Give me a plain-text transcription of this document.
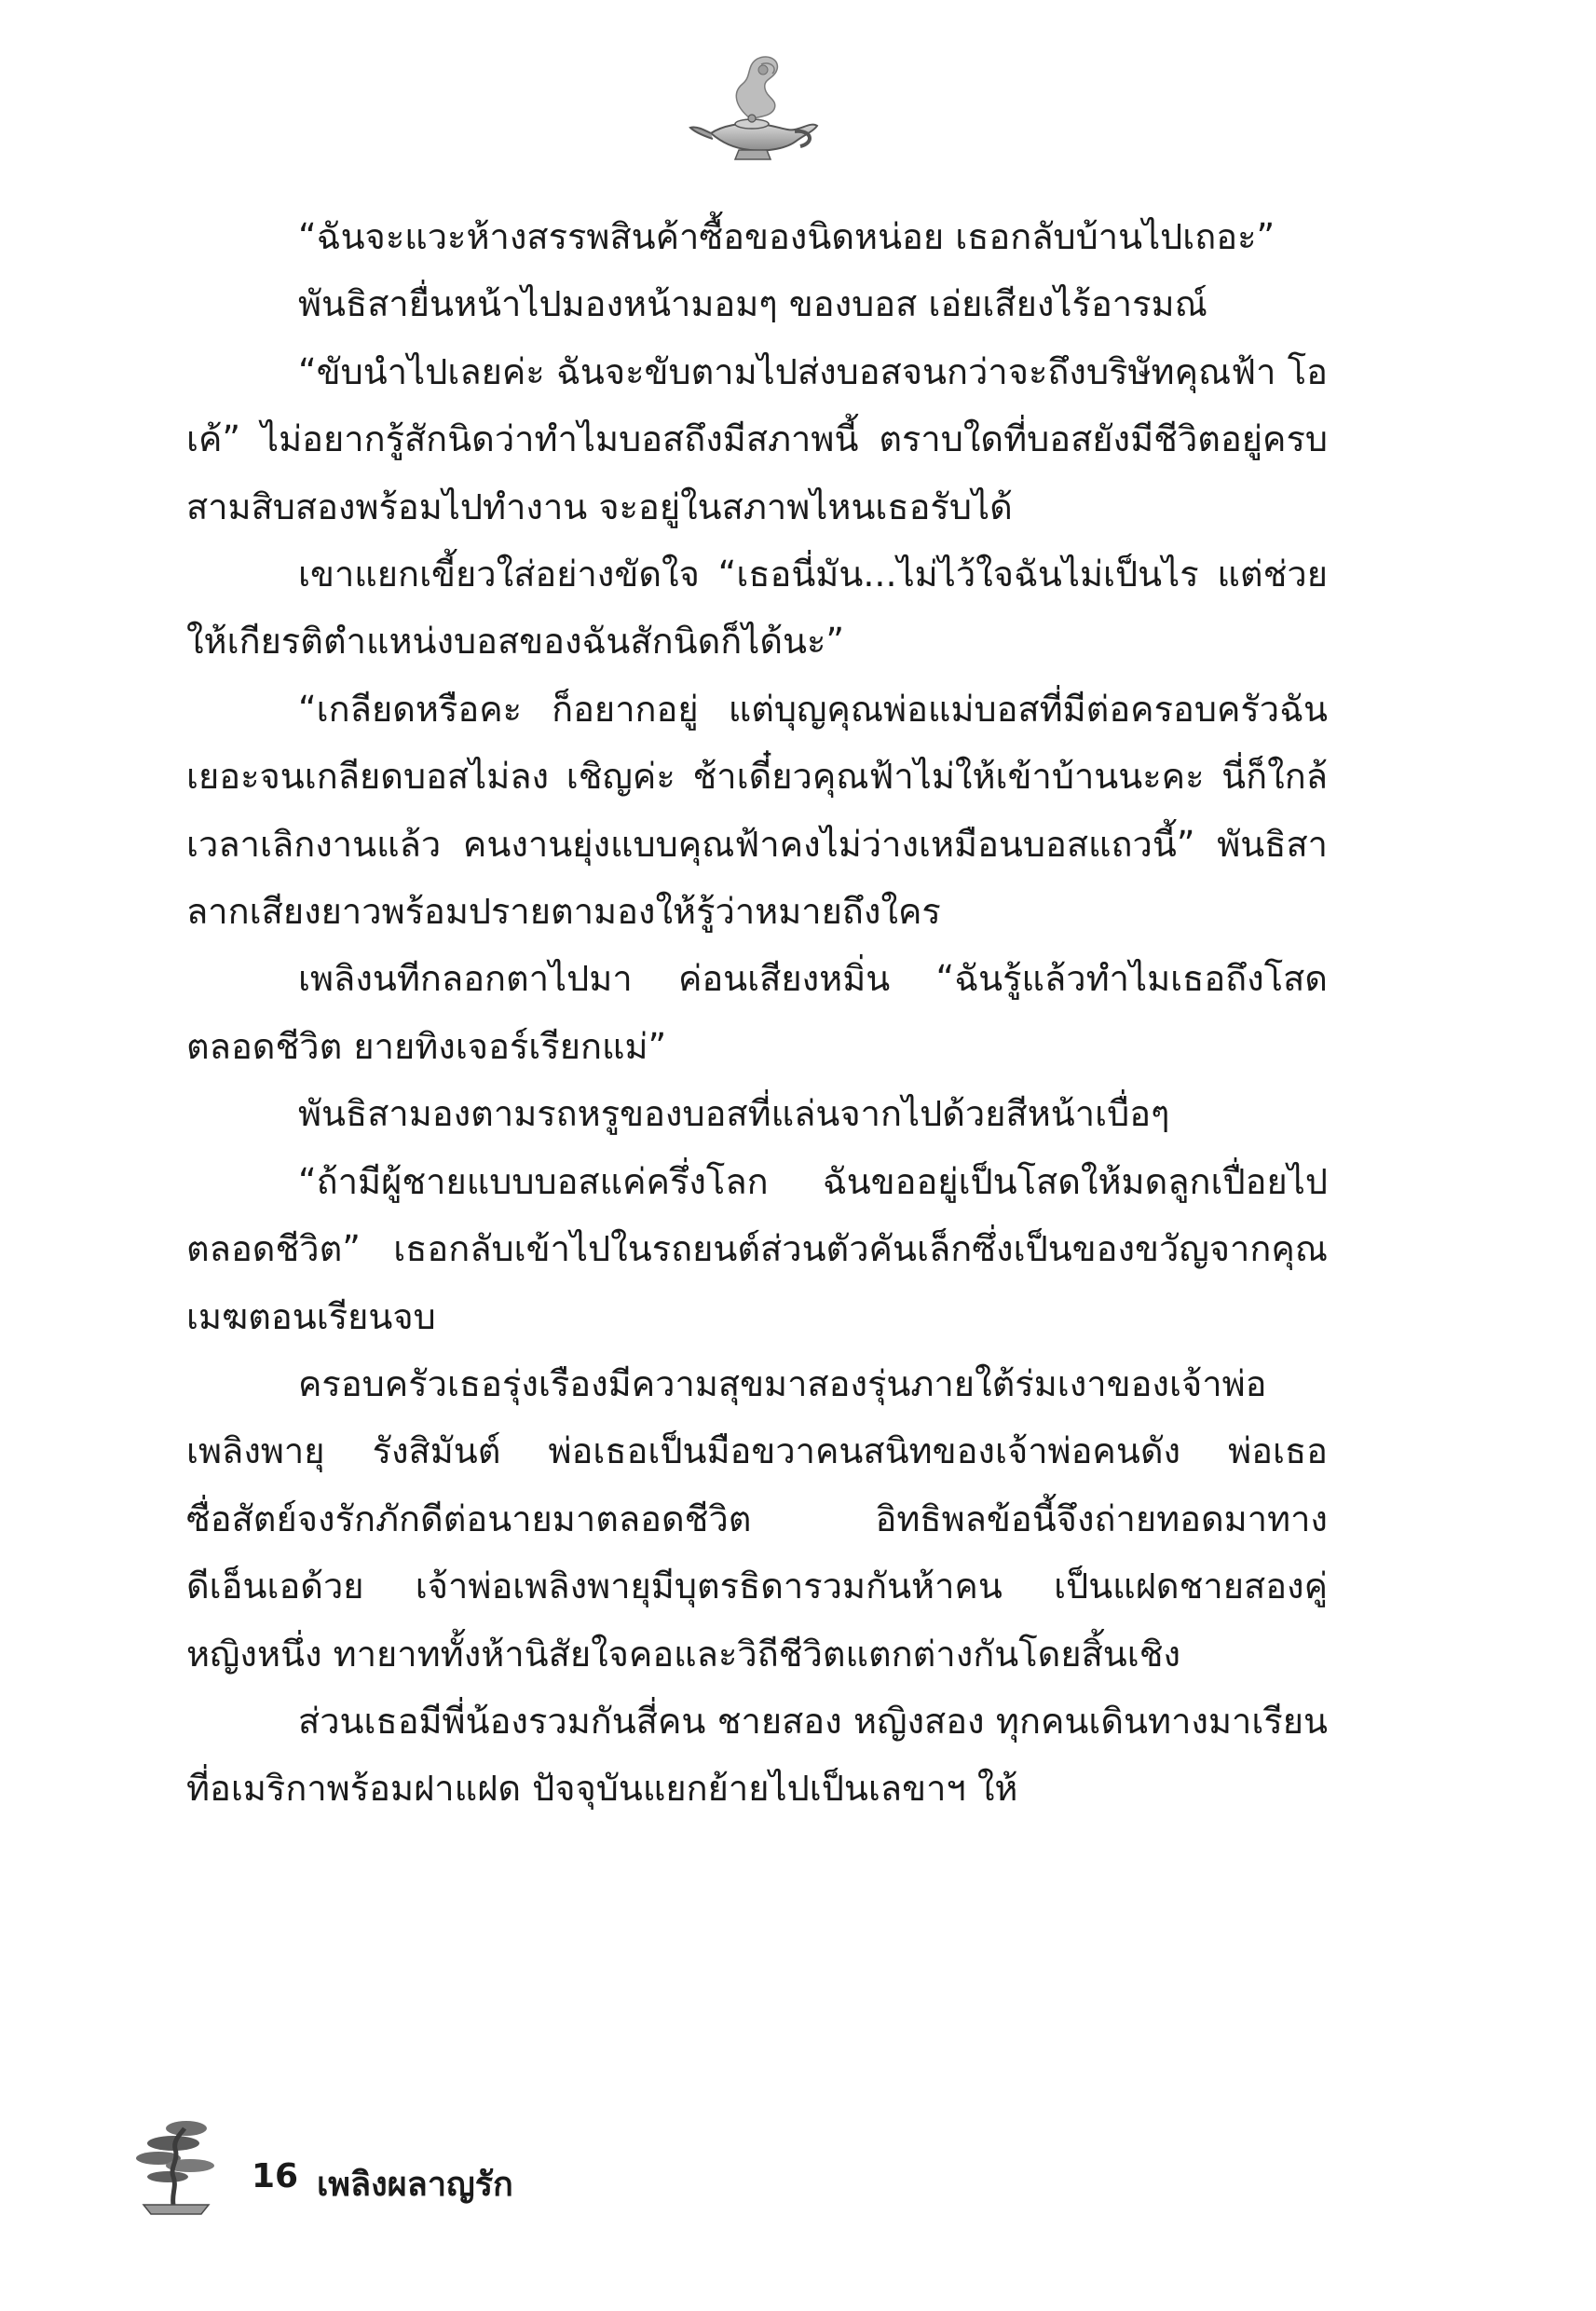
“ฉันจะแวะห้างสรรพสินค้าซื้อของนิดหน่อย เธอกลับบ้านไปเถอะ”

พันธิสายื่นหน้าไปมองหน้ามอมๆ ของบอส เอ่ยเสียงไร้อารมณ์

“ขับนำไปเลยค่ะ ฉันจะขับตามไปส่งบอสจนกว่าจะถึงบริษัทคุณฟ้า โอเค้” ไม่อยากรู้สักนิดว่าทำไมบอสถึงมีสภาพนี้ ตราบใดที่บอสยังมีชีวิตอยู่ครบสามสิบสองพร้อมไปทำงาน จะอยู่ในสภาพไหนเธอรับได้

เขาแยกเขี้ยวใส่อย่างขัดใจ “เธอนี่มัน...ไม่ไว้ใจฉันไม่เป็นไร แต่ช่วยให้เกียรติตำแหน่งบอสของฉันสักนิดก็ได้นะ”

“เกลียดหรือคะ ก็อยากอยู่ แต่บุญคุณพ่อแม่บอสที่มีต่อครอบครัวฉันเยอะจนเกลียดบอสไม่ลง เชิญค่ะ ช้าเดี๋ยวคุณฟ้าไม่ให้เข้าบ้านนะคะ นี่ก็ใกล้เวลาเลิกงานแล้ว คนงานยุ่งแบบคุณฟ้าคงไม่ว่างเหมือนบอสแถวนี้” พันธิสาลากเสียงยาวพร้อมปรายตามองให้รู้ว่าหมายถึงใคร

เพลิงนทีกลอกตาไปมา ค่อนเสียงหมิ่น “ฉันรู้แล้วทำไมเธอถึงโสดตลอดชีวิต ยายทิงเจอร์เรียกแม่”

พันธิสามองตามรถหรูของบอสที่แล่นจากไปด้วยสีหน้าเบื่อๆ

“ถ้ามีผู้ชายแบบบอสแค่ครึ่งโลก ฉันขออยู่เป็นโสดให้มดลูกเปื่อยไปตลอดชีวิต” เธอกลับเข้าไปในรถยนต์ส่วนตัวคันเล็กซึ่งเป็นของขวัญจากคุณเมฆตอนเรียนจบ

ครอบครัวเธอรุ่งเรืองมีความสุขมาสองรุ่นภายใต้ร่มเงาของเจ้าพ่อเพลิงพายุ รังสิมันต์ พ่อเธอเป็นมือขวาคนสนิทของเจ้าพ่อคนดัง พ่อเธอซื่อสัตย์จงรักภักดีต่อนายมาตลอดชีวิต อิทธิพลข้อนี้จึงถ่ายทอดมาทางดีเอ็นเอด้วย เจ้าพ่อเพลิงพายุมีบุตรธิดารวมกันห้าคน เป็นแฝดชายสองคู่ หญิงหนึ่ง ทายาททั้งห้านิสัยใจคอและวิถีชีวิตแตกต่างกันโดยสิ้นเชิง

ส่วนเธอมีพี่น้องรวมกันสี่คน ชายสอง หญิงสอง ทุกคนเดินทางมาเรียนที่อเมริกาพร้อมฝาแฝด ปัจจุบันแยกย้ายไปเป็นเลขาฯ ให้

16 เพลิงผลาญรัก
